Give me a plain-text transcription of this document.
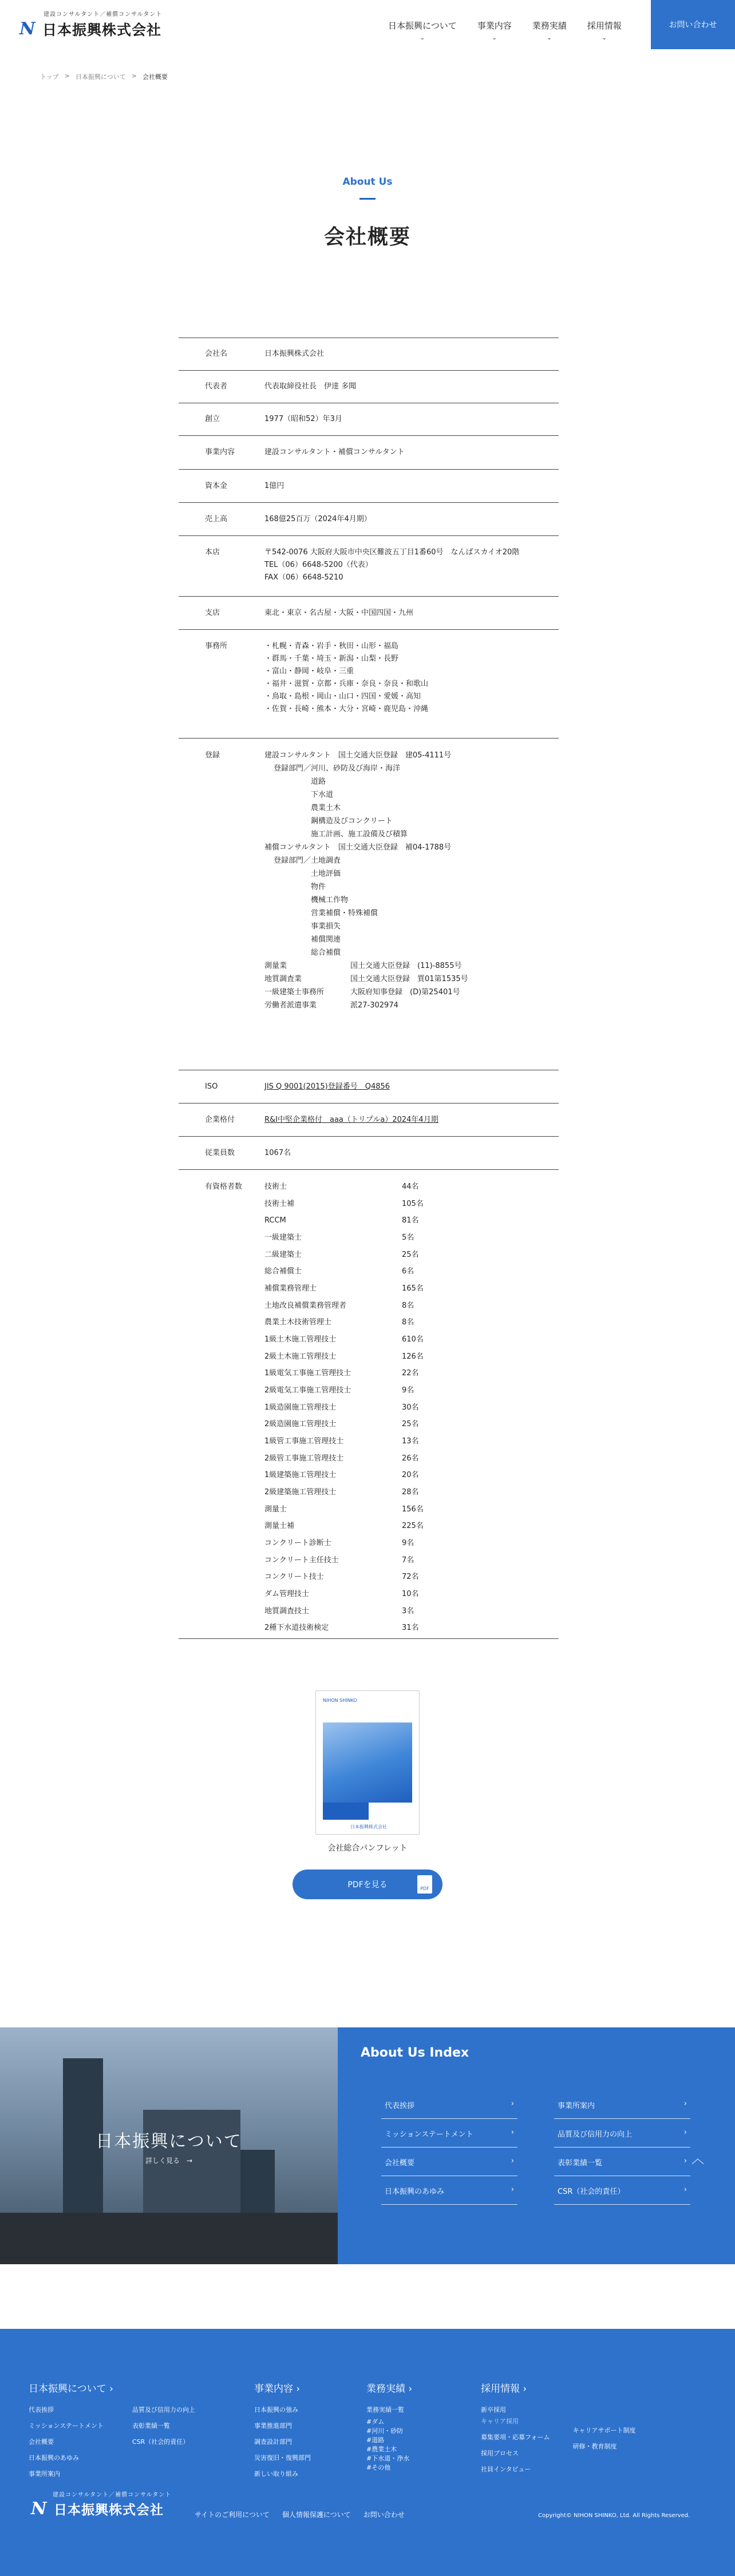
建設コンサルタント／補償コンサルタント
N 日本振興株式会社	日本振興について
⌄
事業内容
⌄
業務実績
⌄
採用情報
⌄
お問い合わせ
トップ > 日本振興について > 会社概要
About Us
会社概要
会社名	日本振興株式会社
代表者	代表取締役社長　伊達 多聞
創立	1977（昭和52）年3月
事業内容	建設コンサルタント・補償コンサルタント
資本金	1億円
売上高	168億25百万（2024年4月期）
本店	〒542-0076 大阪府大阪市中央区難波五丁目1番60号　なんばスカイオ20階
TEL（06）6648-5200（代表）
FAX（06）6648-5210
支店	東北・東京・名古屋・大阪・中国四国・九州
事務所	・札幌・青森・岩手・秋田・山形・福島
・群馬・千葉・埼玉・新潟・山梨・長野
・富山・静岡・岐阜・三重
・福井・滋賀・京都・兵庫・奈良・奈良・和歌山
・鳥取・島根・岡山・山口・四国・愛媛・高知
・佐賀・長崎・熊本・大分・宮崎・鹿児島・沖縄
登録	建設コンサルタント　国土交通大臣登録　建05-4111号
登録部門／ 河川、砂防及び海岸・海洋
道路
下水道
農業土木
鋼構造及びコンクリート
施工計画、施工設備及び積算
補償コンサルタント　国土交通大臣登録　補04-1788号
登録部門／ 土地調査
土地評価
物件
機械工作物
営業補償・特殊補償
事業損失
補償関連
総合補償
測量業	国土交通大臣登録　(11)-8855号
地質調査業	国土交通大臣登録　質01第1535号
一級建築士事務所	大阪府知事登録　(D)第25401号
労働者派遣事業	派27-302974
ISO	JIS Q 9001(2015)登録番号　Q4856
企業格付	R&I中堅企業格付　aaa（トリプルa）2024年4月期
従業員数	1067名
有資格者数	技術士	44名
技術士補	105名
RCCM	81名
一級建築士	5名
二級建築士	25名
総合補償士	6名
補償業務管理士	165名
土地改良補償業務管理者	8名
農業土木技術管理士	8名
1級土木施工管理技士	610名
2級土木施工管理技士	126名
1級電気工事施工管理技士	22名
2級電気工事施工管理技士	9名
1級造園施工管理技士	30名
2級造園施工管理技士	25名
1級管工事施工管理技士	13名
2級管工事施工管理技士	26名
1級建築施工管理技士	20名
2級建築施工管理技士	28名
測量士	156名
測量士補	225名
コンクリート診断士	9名
コンクリート主任技士	7名
コンクリート技士	72名
ダム管理技士	10名
地質調査技士	3名
2種下水道技術検定	31名
NIHON SHINKO
日本振興株式会社
会社総合パンフレット
PDFを見る	PDF
日本振興について
詳しく見る　→
About Us Index
代表挨拶	›	事業所案内	›
ミッションステートメント	›	品質及び信用力の向上	›
会社概要	›	表彰業績一覧	›
日本振興のあゆみ	›	CSR（社会的責任）	›
︿
日本振興について ›
代表挨拶
ミッションステートメント
会社概要
日本振興のあゆみ
事業所案内
品質及び信用力の向上
表彰業績一覧
CSR（社会的責任）
事業内容 ›
日本振興の強み
事業推進部門
調査設計部門
災害復旧・復興部門
新しい取り組み
業務実績 ›
業務実績一覧
#ダム
#河川・砂防
#道路
#農業土木
#下水道・浄水
#その他
採用情報 ›
新卒採用
キャリア採用
募集要項・応募フォーム
採用プロセス
社員インタビュー
キャリアサポート制度
研修・教育制度
建設コンサルタント／補償コンサルタント
N 日本振興株式会社	サイトのご利用について 個人情報保護について お問い合わせ	Copyright© NIHON SHINKO, Ltd. All Rights Reserved.
